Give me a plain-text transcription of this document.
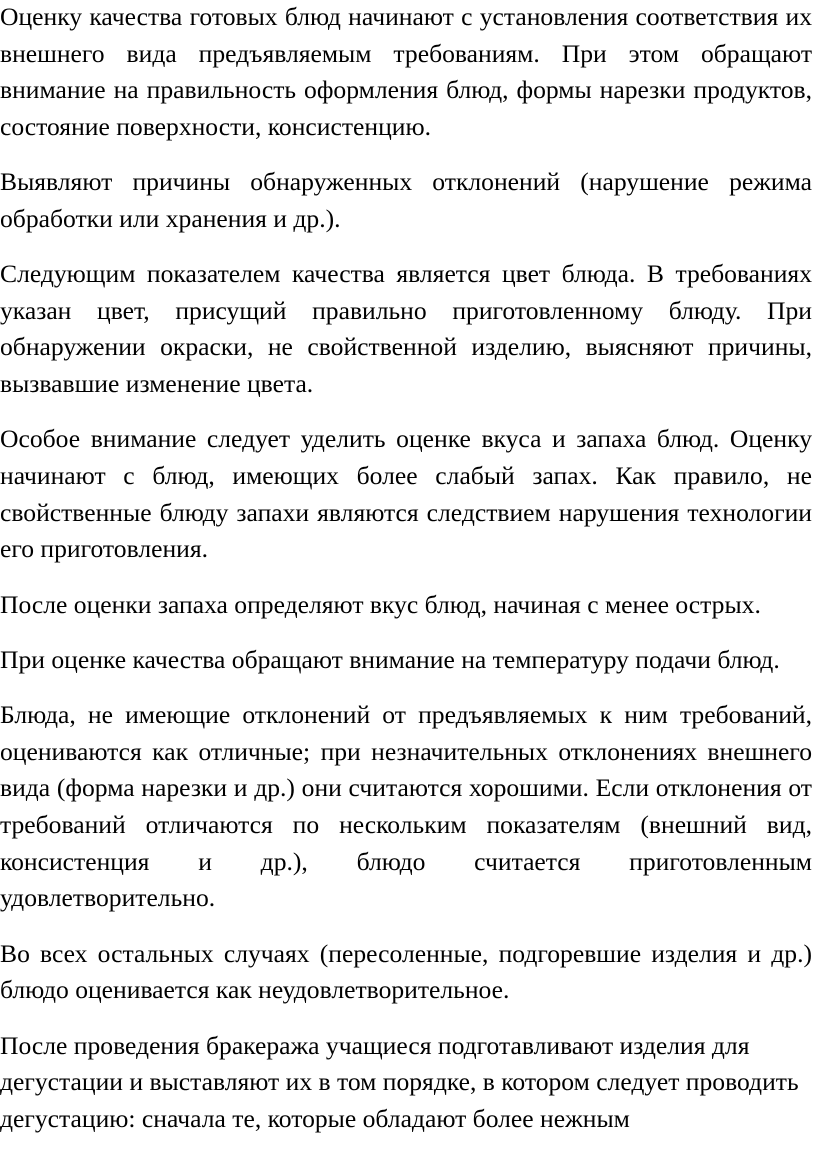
Оценку качества готовых блюд начинают с установления соответствия их внешнего вида предъявляемым требованиям. При этом обращают внимание на правильность оформления блюд, формы нарезки продуктов, состояние поверхности, консистенцию.

Выявляют причины обнаруженных отклонений (нарушение режима обработки или хранения и др.).

Следующим показателем качества является цвет блюда. В требованиях указан цвет, присущий правильно приготовленному блюду. При обнаружении окраски, не свойственной изделию, выясняют причины, вызвавшие изменение цвета.

Особое внимание следует уделить оценке вкуса и запаха блюд. Оценку начинают с блюд, имеющих более слабый запах. Как правило, не свойственные блюду запахи являются следствием нарушения технологии его приготовления.

После оценки запаха определяют вкус блюд, начиная с менее острых.

При оценке качества обращают внимание на температуру подачи блюд.

Блюда, не имеющие отклонений от предъявляемых к ним требований, оцениваются как отличные; при незначительных отклонениях внешнего вида (форма нарезки и др.) они считаются хорошими. Если отклонения от требований отличаются по нескольким показателям (внешний вид, консистенция и др.), блюдо считается приготовленным удовлетворительно.

Во всех остальных случаях (пересоленные, подгоревшие изделия и др.) блюдо оценивается как неудовлетворительное.

После проведения бракеража учащиеся подготавливают изделия для дегустации и выставляют их в том порядке, в котором следует проводить дегустацию: сначала те, которые обладают более нежным
